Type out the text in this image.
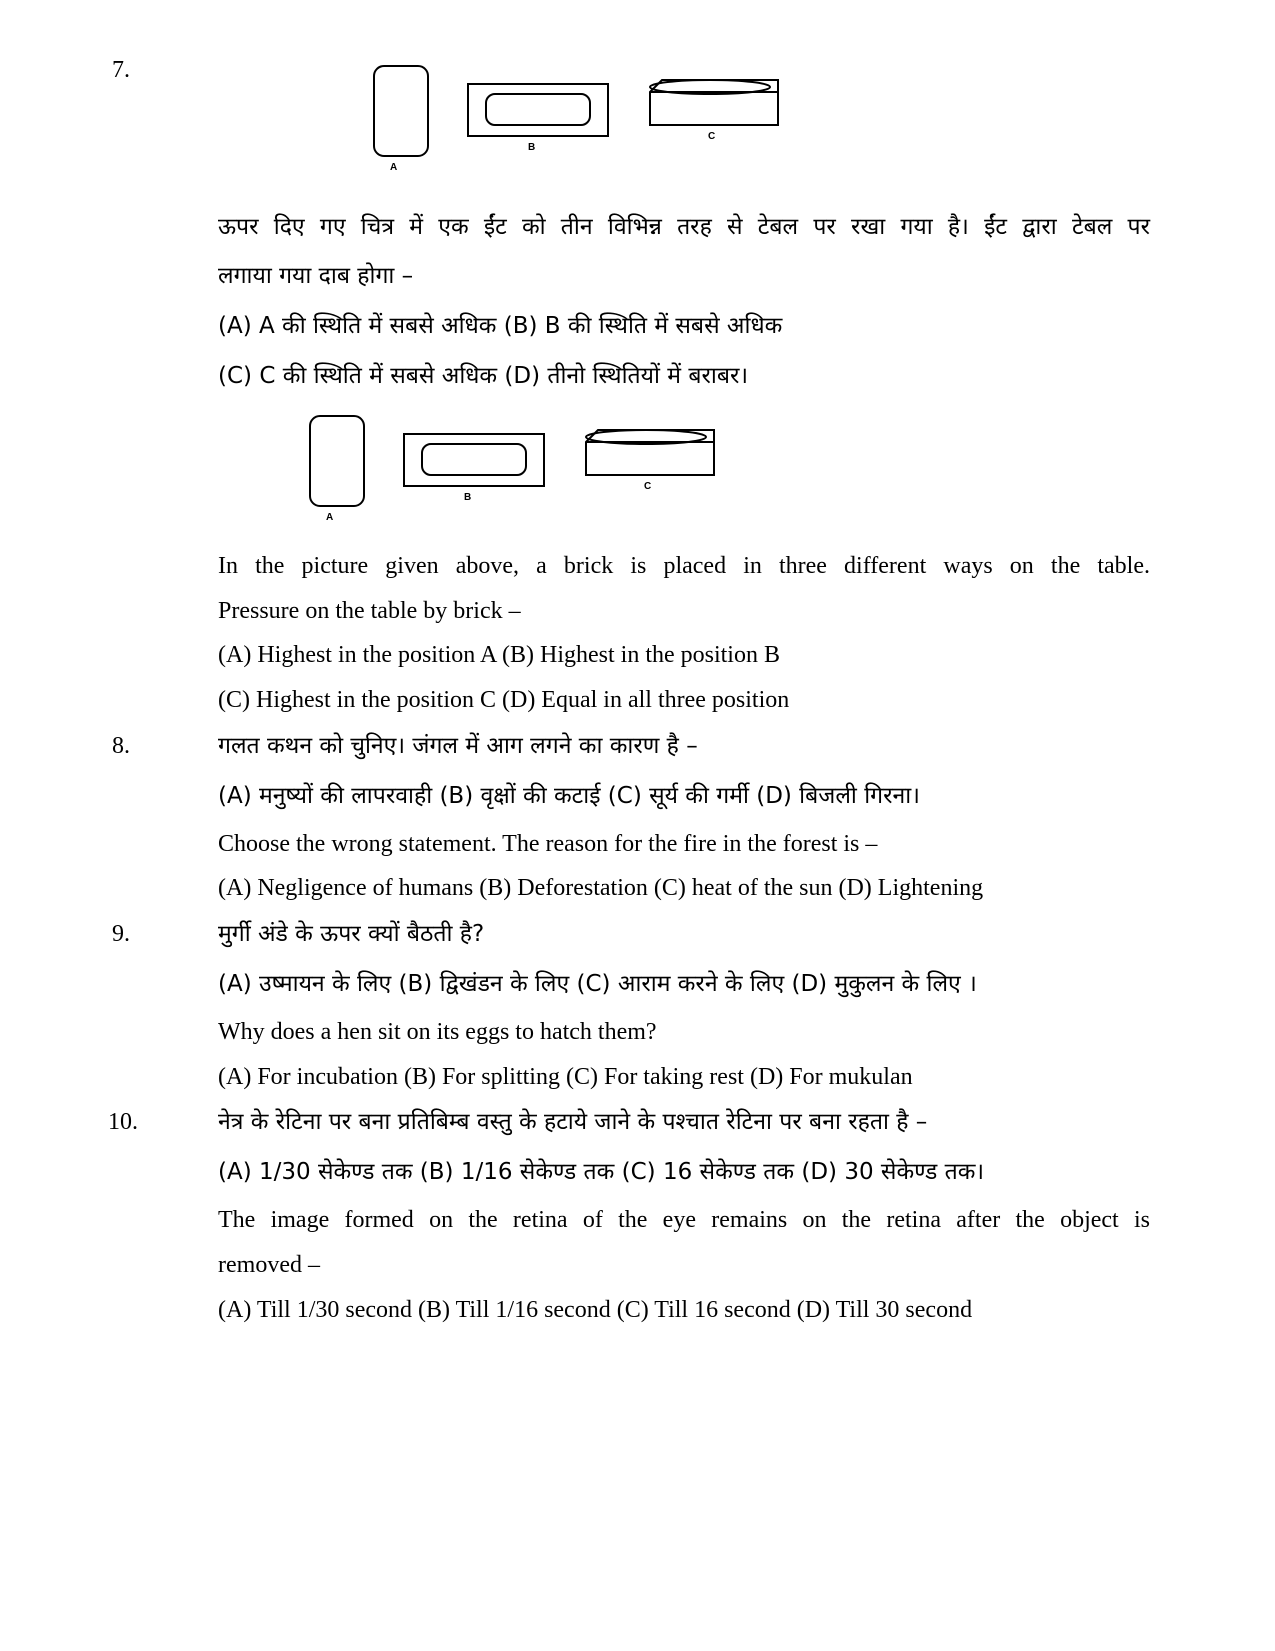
7.
A
B
C
ऊपर दिए गए चित्र में एक ईंट को तीन विभिन्न तरह से टेबल पर रखा गया है। ईंट द्वारा टेबल पर
लगाया गया दाब होगा –
(A) A की स्थिति में सबसे अधिक (B) B की स्थिति में सबसे अधिक
(C) C की स्थिति में सबसे अधिक (D) तीनो स्थितियों में बराबर।
A
B
C
In the picture given above, a brick is placed in three different ways on the table.
Pressure on the table by brick –
(A) Highest in the position A (B) Highest in the position B
(C) Highest in the position C (D) Equal in all three position
8.	गलत कथन को चुनिए। जंगल में आग लगने का कारण है –
(A) मनुष्यों की लापरवाही (B) वृक्षों की कटाई (C) सूर्य की गर्मी (D) बिजली गिरना।
Choose the wrong statement. The reason for the fire in the forest is –
(A) Negligence of humans (B) Deforestation (C) heat of the sun (D) Lightening
9.	मुर्गी अंडे के ऊपर क्यों बैठती है?
(A) उष्मायन के लिए (B) द्विखंडन के लिए (C) आराम करने के लिए (D) मुकुलन के लिए ।
Why does a hen sit on its eggs to hatch them?
(A) For incubation (B) For splitting (C) For taking rest (D) For mukulan
10.	नेत्र के रेटिना पर बना प्रतिबिम्ब वस्तु के हटाये जाने के पश्चात रेटिना पर बना रहता है –
(A) 1/30 सेकेण्ड तक (B) 1/16 सेकेण्ड तक (C) 16 सेकेण्ड तक (D) 30 सेकेण्ड तक।
The image formed on the retina of the eye remains on the retina after the object is
removed –
(A) Till 1/30 second (B) Till 1/16 second (C) Till 16 second (D) Till 30 second
